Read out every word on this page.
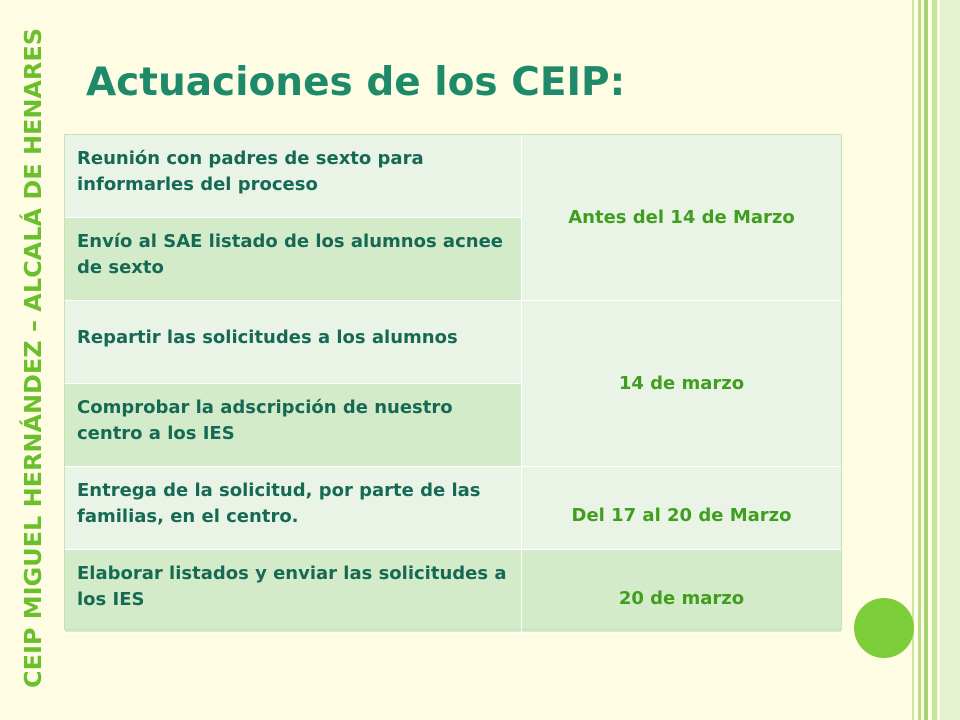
CEIP MIGUEL HERNÁNDEZ – ALCALÁ DE HENARES Actuaciones de los CEIP:
Reunión con padres de sexto para informarles del proceso	Antes del 14 de Marzo

Envío al SAE listado de los alumnos acnee de sexto	

Repartir las solicitudes a los alumnos	14 de marzo

Comprobar la adscripción de nuestro centro a los IES	

Entrega de la solicitud, por parte de las familias, en el centro.	Del 17 al 20 de Marzo

Elaborar listados y enviar las solicitudes a los IES	20 de marzo
